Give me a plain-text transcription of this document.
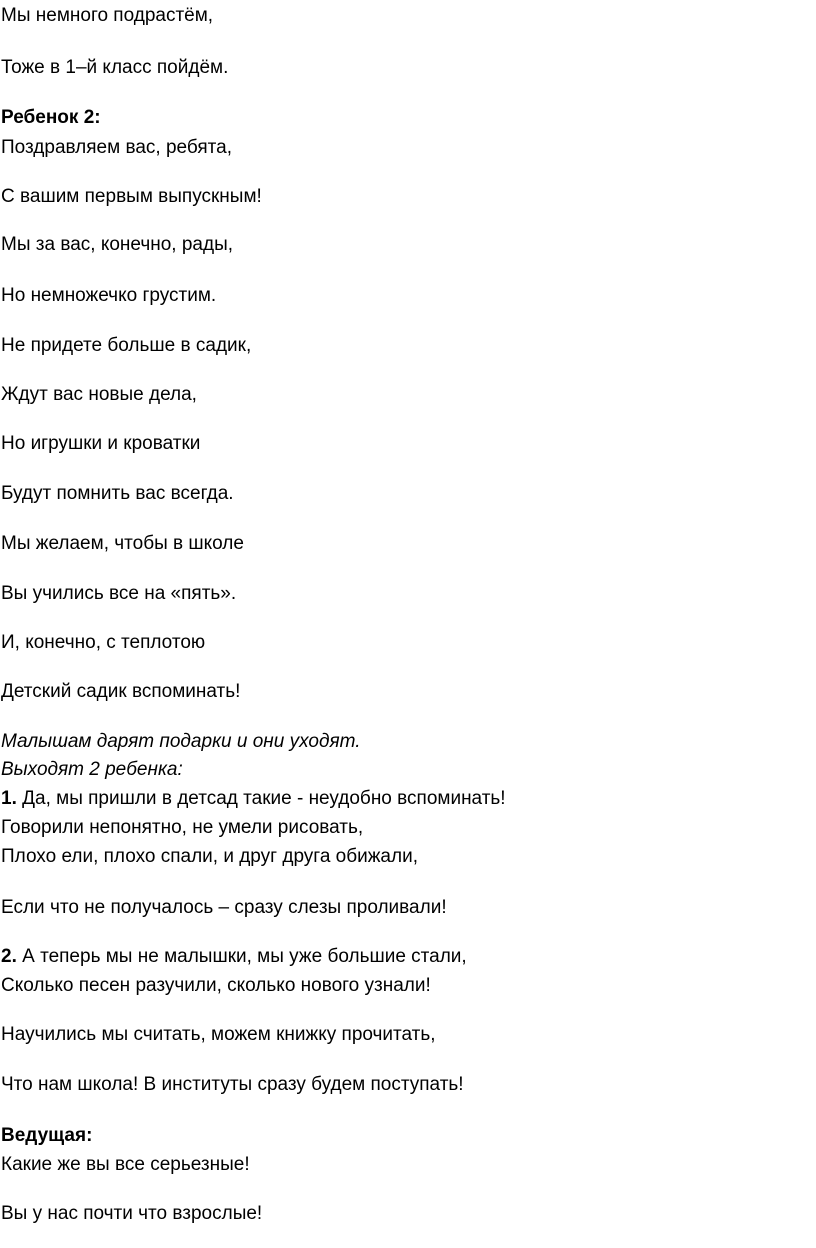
Мы немного подрастём,
Тоже в 1–й класс пойдём.
Ребенок 2:
Поздравляем вас, ребята,
С вашим первым выпускным!
Мы за вас, конечно, рады,
Но немножечко грустим.
Не придете больше в садик,
Ждут вас новые дела,
Но игрушки и кроватки
Будут помнить вас всегда.
Мы желаем, чтобы в школе
Вы учились все на «пять».
И, конечно, с теплотою
Детский садик вспоминать!
Малышам дарят подарки и они уходят.
Выходят 2 ребенка:
1. Да, мы пришли в детсад такие - неудобно вспоминать!
Говорили непонятно, не умели рисовать,
Плохо ели, плохо спали, и друг друга обижали,
Если что не получалось – сразу слезы проливали!
2. А теперь мы не малышки, мы уже большие стали,
Сколько песен разучили, сколько нового узнали!
Научились мы считать, можем книжку прочитать,
Что нам школа! В институты сразу будем поступать!
Ведущая:
Какие же вы все серьезные!
Вы у нас почти что взрослые!
